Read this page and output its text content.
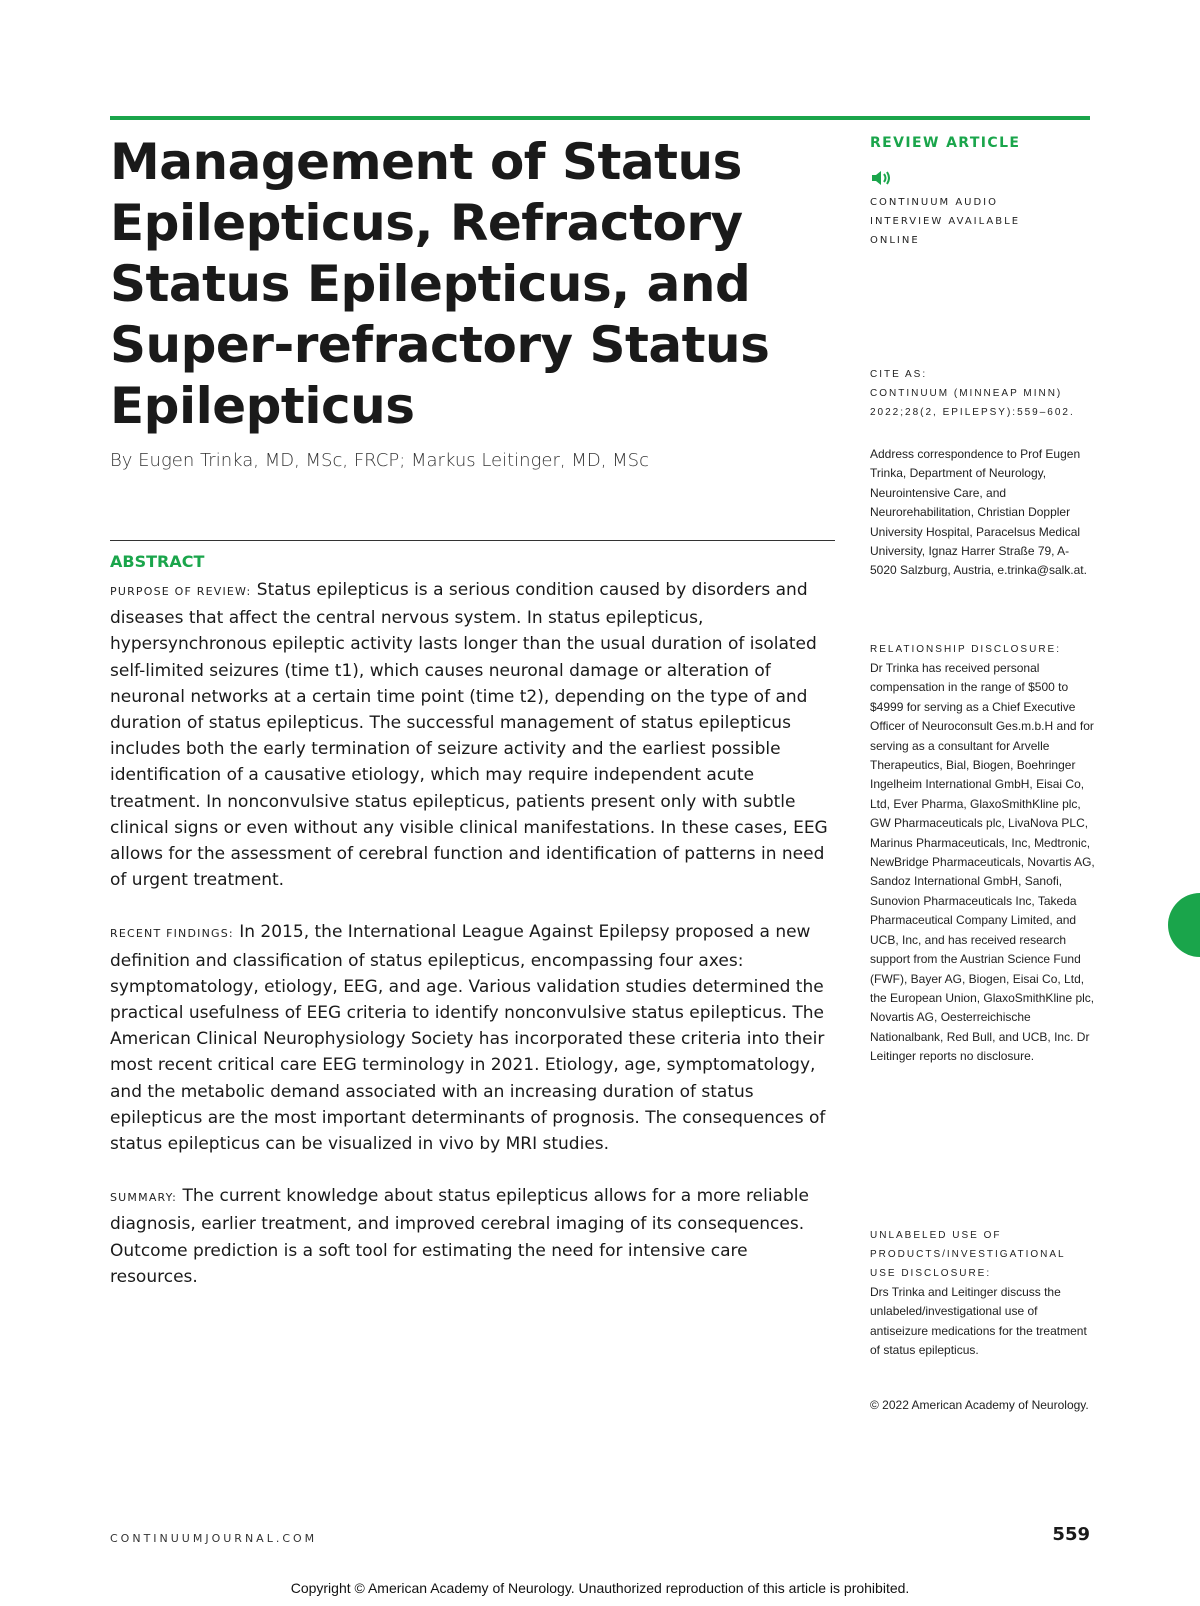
Management of Status Epilepticus, Refractory Status Epilepticus, and Super-refractory Status Epilepticus
By Eugen Trinka, MD, MSc, FRCP; Markus Leitinger, MD, MSc
ABSTRACT

PURPOSE OF REVIEW: Status epilepticus is a serious condition caused by disorders and diseases that affect the central nervous system. In status epilepticus, hypersynchronous epileptic activity lasts longer than the usual duration of isolated self-limited seizures (time t1), which causes neuronal damage or alteration of neuronal networks at a certain time point (time t2), depending on the type of and duration of status epilepticus. The successful management of status epilepticus includes both the early termination of seizure activity and the earliest possible identification of a causative etiology, which may require independent acute treatment. In nonconvulsive status epilepticus, patients present only with subtle clinical signs or even without any visible clinical manifestations. In these cases, EEG allows for the assessment of cerebral function and identification of patterns in need of urgent treatment.

RECENT FINDINGS: In 2015, the International League Against Epilepsy proposed a new definition and classification of status epilepticus, encompassing four axes: symptomatology, etiology, EEG, and age. Various validation studies determined the practical usefulness of EEG criteria to identify nonconvulsive status epilepticus. The American Clinical Neurophysiology Society has incorporated these criteria into their most recent critical care EEG terminology in 2021. Etiology, age, symptomatology, and the metabolic demand associated with an increasing duration of status epilepticus are the most important determinants of prognosis. The consequences of status epilepticus can be visualized in vivo by MRI studies.

SUMMARY: The current knowledge about status epilepticus allows for a more reliable diagnosis, earlier treatment, and improved cerebral imaging of its consequences. Outcome prediction is a soft tool for estimating the need for intensive care resources.

REVIEW ARTICLE
CONTINUUM AUDIO
INTERVIEW AVAILABLE
ONLINE
CITE AS:
CONTINUUM (MINNEAP MINN)
2022;28(2, EPILEPSY):559–602.
Address correspondence to Prof Eugen Trinka, Department of Neurology, Neurointensive Care, and Neurorehabilitation, Christian Doppler University Hospital, Paracelsus Medical University, Ignaz Harrer Straße 79, A-5020 Salzburg, Austria, e.trinka@salk.at.
RELATIONSHIP DISCLOSURE:
Dr Trinka has received personal compensation in the range of $500 to $4999 for serving as a Chief Executive Officer of Neuroconsult Ges.m.b.H and for serving as a consultant for Arvelle Therapeutics, Bial, Biogen, Boehringer Ingelheim International GmbH, Eisai Co, Ltd, Ever Pharma, GlaxoSmithKline plc, GW Pharmaceuticals plc, LivaNova PLC, Marinus Pharmaceuticals, Inc, Medtronic, NewBridge Pharmaceuticals, Novartis AG, Sandoz International GmbH, Sanofi, Sunovion Pharmaceuticals Inc, Takeda Pharmaceutical Company Limited, and UCB, Inc, and has received research support from the Austrian Science Fund (FWF), Bayer AG, Biogen, Eisai Co, Ltd, the European Union, GlaxoSmithKline plc, Novartis AG, Oesterreichische Nationalbank, Red Bull, and UCB, Inc. Dr Leitinger reports no disclosure.
UNLABELED USE OF PRODUCTS/INVESTIGATIONAL USE DISCLOSURE:
Drs Trinka and Leitinger discuss the unlabeled/investigational use of antiseizure medications for the treatment of status epilepticus.
© 2022 American Academy of Neurology.
CONTINUUMJOURNAL.COM	559
Copyright © American Academy of Neurology. Unauthorized reproduction of this article is prohibited.
